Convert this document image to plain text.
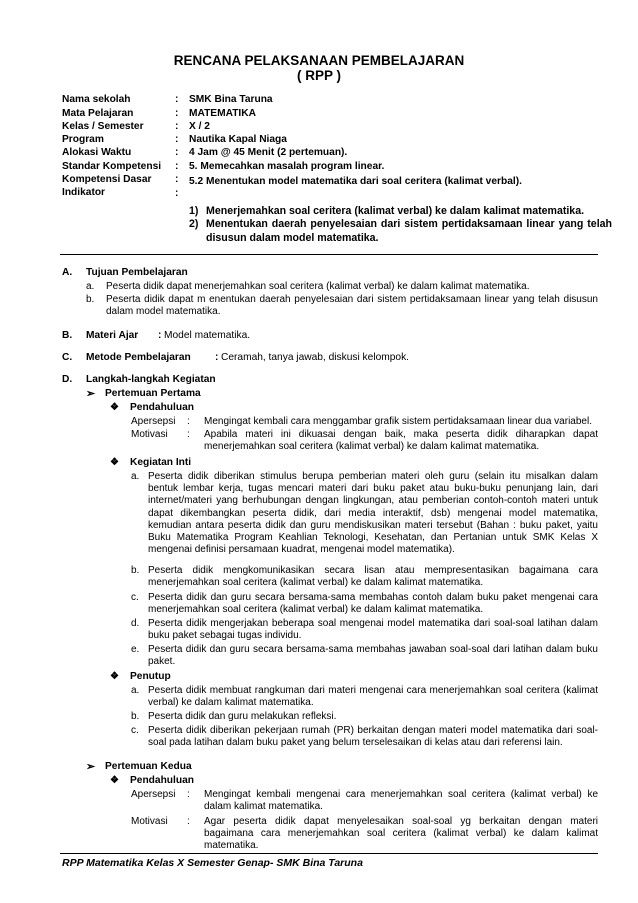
RENCANA PELAKSANAAN PEMBELAJARAN
( RPP )
Nama sekolah	: SMK Bina Taruna
Mata Pelajaran	: MATEMATIKA
Kelas / Semester	: X / 2
Program	: Nautika Kapal Niaga
Alokasi Waktu	: 4 Jam @ 45 Menit (2 pertemuan).
Standar Kompetensi : 5. Memecahkan masalah program linear.
Kompetensi Dasar : 5.2 Menentukan model matematika dari soal ceritera (kalimat verbal).
Indikator	:
1) Menerjemahkan soal ceritera (kalimat verbal) ke dalam kalimat matematika.
2) Menentukan daerah penyelesaian dari sistem pertidaksamaan linear yang telah disusun dalam model matematika.
A. Tujuan Pembelajaran
a. Peserta didik dapat menerjemahkan soal ceritera (kalimat verbal) ke dalam kalimat matematika.
b. Peserta didik dapat m enentukan daerah penyelesaian dari sistem pertidaksamaan linear yang telah disusun dalam model matematika.
B. Materi Ajar : Model matematika.
C. Metode Pembelajaran : Ceramah, tanya jawab, diskusi kelompok.
D. Langkah-langkah Kegiatan
➢ Pertemuan Pertama
❖ Pendahuluan
Apersepsi : Mengingat kembali cara menggambar grafik sistem pertidaksamaan linear dua variabel.
Motivasi : Apabila materi ini dikuasai dengan baik, maka peserta didik diharapkan dapat menerjemahkan soal ceritera (kalimat verbal) ke dalam kalimat matematika.
❖ Kegiatan Inti
a. Peserta didik diberikan stimulus berupa pemberian materi oleh guru (selain itu misalkan dalam bentuk lembar kerja, tugas mencari materi dari buku paket atau buku-buku penunjang lain, dari internet/materi yang berhubungan dengan lingkungan, atau pemberian contoh-contoh materi untuk dapat dikembangkan peserta didik, dari media interaktif, dsb) mengenai model matematika, kemudian antara peserta didik dan guru mendiskusikan materi tersebut (Bahan : buku paket, yaitu Buku Matematika Program Keahlian Teknologi, Kesehatan, dan Pertanian untuk SMK Kelas X mengenai definisi persamaan kuadrat, mengenai model matematika).
b. Peserta didik mengkomunikasikan secara lisan atau mempresentasikan bagaimana cara menerjemahkan soal ceritera (kalimat verbal) ke dalam kalimat matematika.
c. Peserta didik dan guru secara bersama-sama membahas contoh dalam buku paket mengenai cara menerjemahkan soal ceritera (kalimat verbal) ke dalam kalimat matematika.
d. Peserta didik mengerjakan beberapa soal mengenai model matematika dari soal-soal latihan dalam buku paket sebagai tugas individu.
e. Peserta didik dan guru secara bersama-sama membahas jawaban soal-soal dari latihan dalam buku paket.
❖ Penutup
a. Peserta didik membuat rangkuman dari materi mengenai cara menerjemahkan soal ceritera (kalimat verbal) ke dalam kalimat matematika.
b. Peserta didik dan guru melakukan refleksi.
c. Peserta didik diberikan pekerjaan rumah (PR) berkaitan dengan materi model matematika dari soal-soal pada latihan dalam buku paket yang belum terselesaikan di kelas atau dari referensi lain.
➢ Pertemuan Kedua
❖ Pendahuluan
Apersepsi : Mengingat kembali mengenai cara menerjemahkan soal ceritera (kalimat verbal) ke dalam kalimat matematika.
Motivasi : Agar peserta didik dapat menyelesaikan soal-soal yg berkaitan dengan materi bagaimana cara menerjemahkan soal ceritera (kalimat verbal) ke dalam kalimat matematika.
RPP Matematika Kelas X Semester Genap- SMK Bina Taruna
